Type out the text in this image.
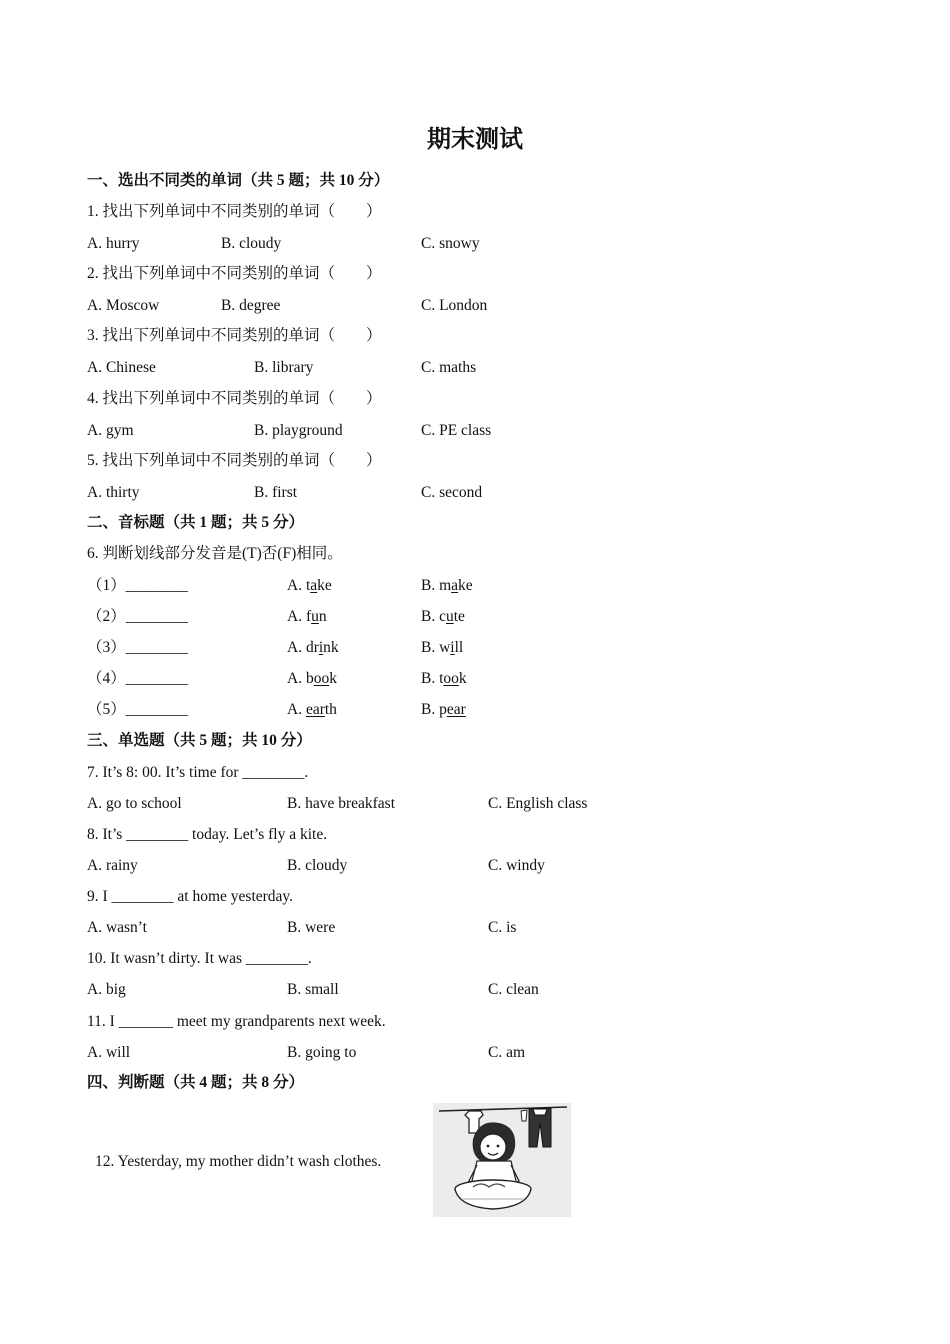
期末测试
一、选出不同类的单词（共 5 题；共 10 分）
1. 找出下列单词中不同类别的单词（　　）
A. hurry	B. cloudy	C. snowy
2. 找出下列单词中不同类别的单词（　　）
A. Moscow	B. degree	C. London
3. 找出下列单词中不同类别的单词（　　）
A. Chinese	B. library	C. maths
4. 找出下列单词中不同类别的单词（　　）
A. gym	B. playground	C. PE class
5. 找出下列单词中不同类别的单词（　　）
A. thirty	B. first	C. second
二、音标题（共 1 题；共 5 分）
6. 判断划线部分发音是(T)否(F)相同。
（1）________	A. take	B. make
（2）________	A. fun	B. cute
（3）________	A. drink	B. will
（4）________	A. book	B. took
（5）________	A. earth	B. pear
三、单选题（共 5 题；共 10 分）
7. It’s 8: 00. It’s time for ________.
A. go to school	B. have breakfast	C. English class
8. It’s ________ today. Let’s fly a kite.
A. rainy	B. cloudy	C. windy
9. I ________ at home yesterday.
A. wasn’t	B. were	C. is
10. It wasn’t dirty. It was ________.
A. big	B. small	C. clean
11. I _______ meet my grandparents next week.
A. will	B. going to	C. am
四、判断题（共 4 题；共 8 分）
12. Yesterday, my mother didn’t wash clothes.
